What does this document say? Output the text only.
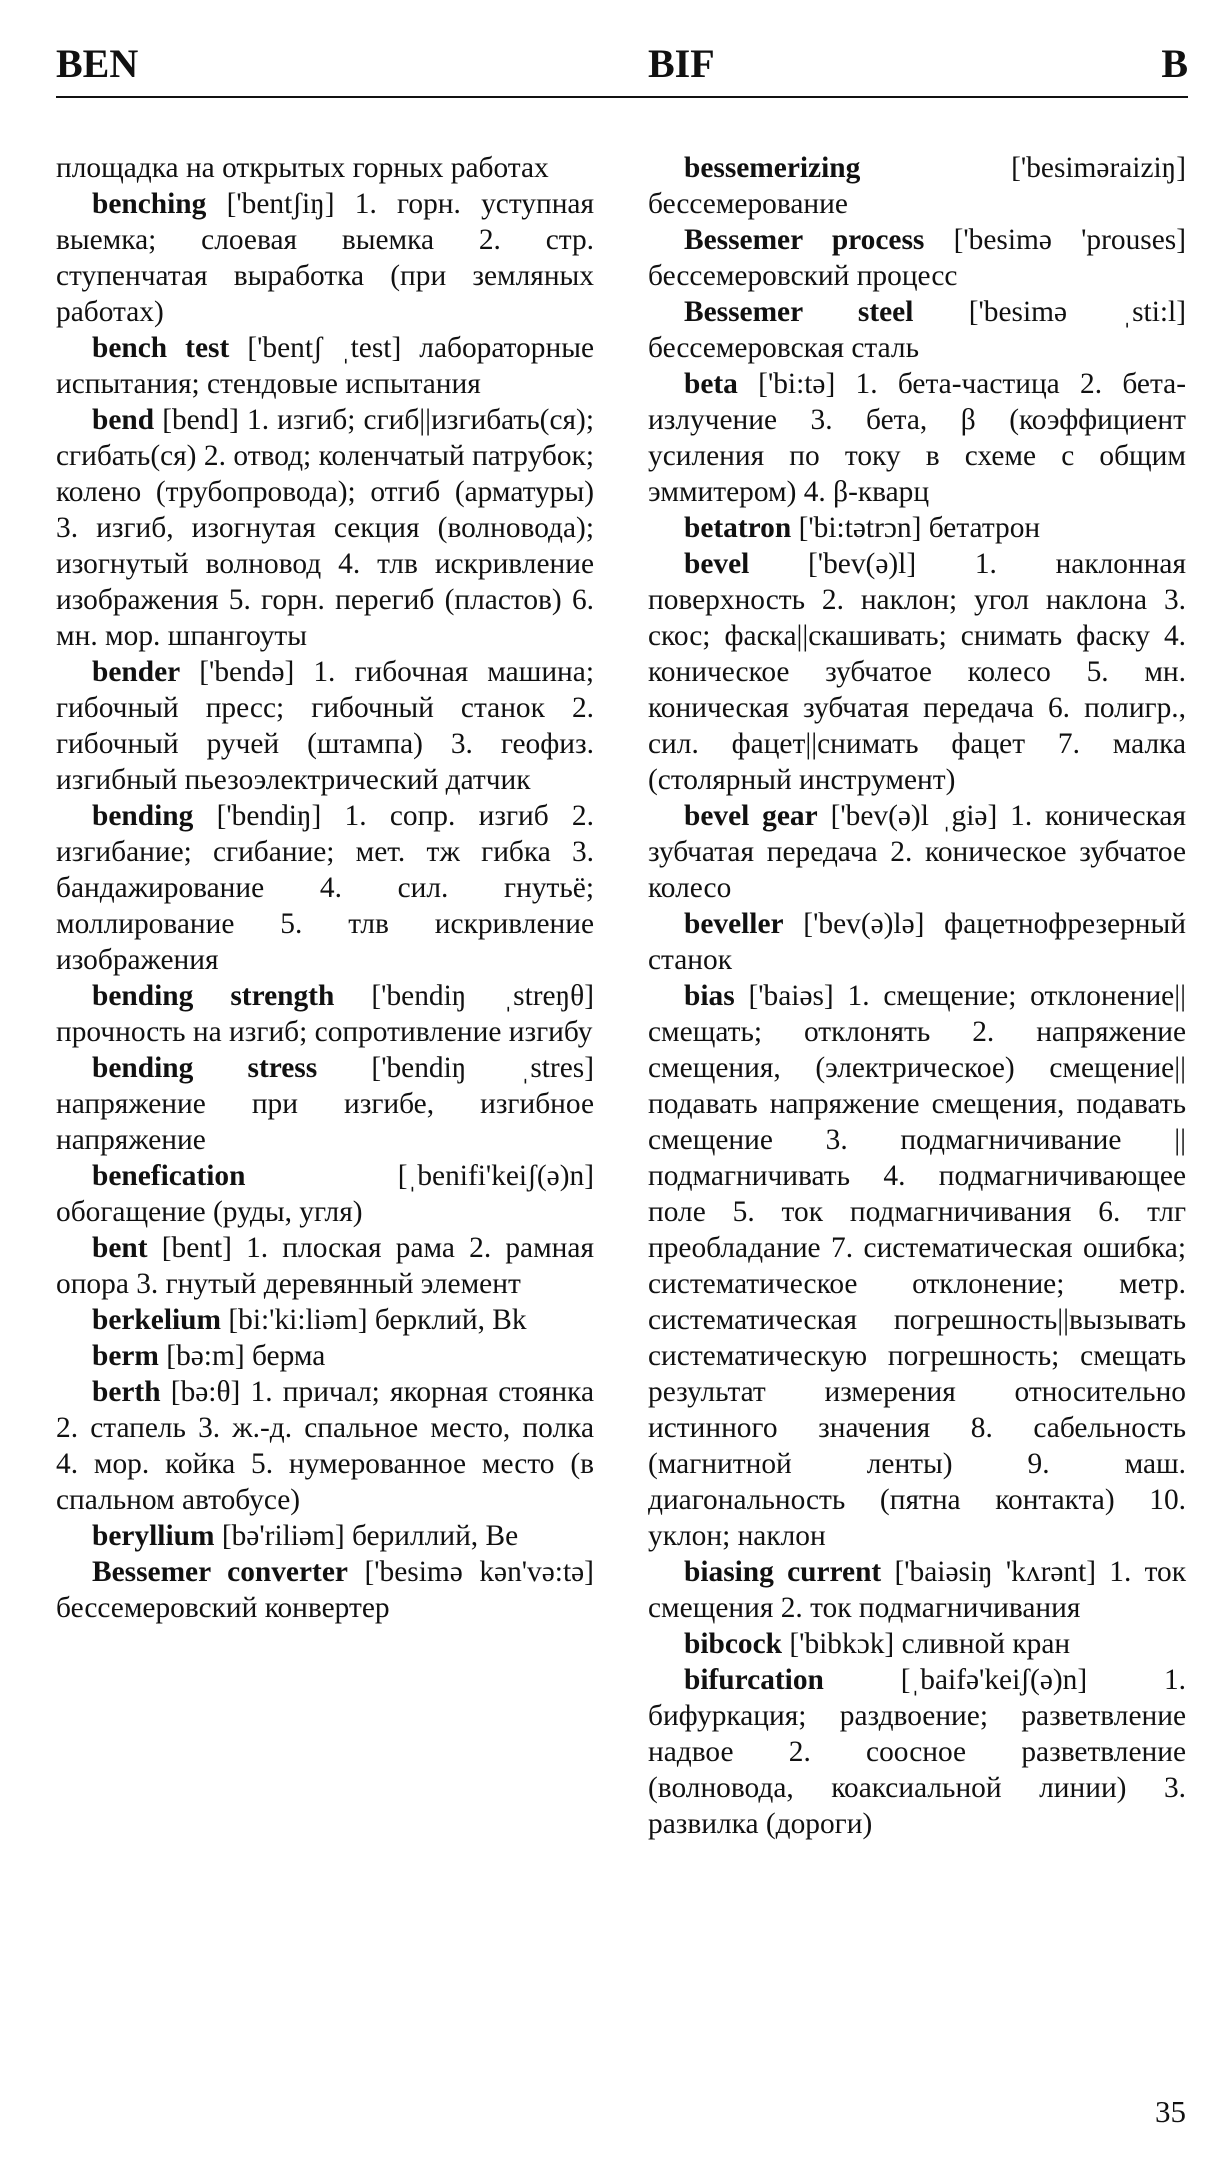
BEN	BIF	B

площадка на открытых горных работах

benching ['bentʃiŋ] 1. горн. уступная выемка; слоевая выемка 2. стр. ступенчатая выработка (при земляных работах)

bench test ['bentʃ ˌtest] лабораторные испытания; стендовые испытания

bend [bend] 1. изгиб; сгиб||изгибать(ся); сгибать(ся) 2. отвод; коленчатый патрубок; колено (трубопровода); отгиб (арматуры) 3. изгиб, изогнутая секция (волновода); изогнутый волновод 4. тлв искривление изображения 5. горн. перегиб (пластов) 6. мн. мор. шпангоуты

bender ['bendə] 1. гибочная машина; гибочный пресс; гибочный станок 2. гибочный ручей (штампа) 3. геофиз. изгибный пьезоэлектрический датчик

bending ['bendiŋ] 1. сопр. изгиб 2. изгибание; сгибание; мет. тж гибка 3. бандажирование 4. сил. гнутьё; моллирование 5. тлв искривление изображения

bending strength ['bendiŋ ˌstreŋθ] прочность на изгиб; сопротивление изгибу

bending stress ['bendiŋ ˌstres] напряжение при изгибе, изгибное напряжение

benefication	[ˌbenifi'keiʃ(ə)n] обогащение (руды, угля)

bent [bent] 1. плоская рама 2. рамная опора 3. гнутый деревянный элемент

berkelium [bi:'ki:liəm] берклий, Bk

berm [bə:m] берма

berth [bə:θ] 1. причал; якорная стоянка 2. стапель 3. ж.-д. спальное место, полка 4. мор. койка 5. нумерованное место (в спальном автобусе)

beryllium [bə'riliəm] бериллий, Be

Bessemer converter ['besimə kən'və:tə] бессемеровский конвертер

bessemerizing	['besimərаiziŋ] бессемерование

Bessemer process ['besimə 'prouses] бессемеровский процесс

Bessemer steel ['besimə ˌsti:l] бессемеровская сталь

beta ['bi:tə] 1. бета-частица 2. бета-излучение 3. бета, β (коэффициент усиления по току в схеме с общим эммитером) 4. β-кварц

betatron ['bi:tətrɔn] бетатрон

bevel ['bev(ə)l] 1. наклонная поверхность 2. наклон; угол наклона 3. скос; фаска||скашивать; снимать фаску 4. коническое зубчатое колесо 5. мн. коническая зубчатая передача 6. полигр., сил. фацет||снимать фацет 7. малка (столярный инструмент)

bevel gear ['bev(ə)l ˌgiə] 1. коническая зубчатая передача 2. коническое зубчатое колесо

beveller ['bev(ə)lə] фацетнофрезерный станок

bias ['baiəs] 1. смещение; отклонение||смещать; отклонять 2. напряжение смещения, (электрическое) смещение||подавать напряжение смещения, подавать смещение 3. подмагничивание ||подмагничивать 4. подмагничивающее поле 5. ток подмагничивания 6. тлг преобладание 7. систематическая ошибка; систематическое отклонение; метр. систематическая погрешность||вызывать систематическую погрешность; смещать результат измерения относительно истинного значения 8. сабельность (магнитной ленты) 9. маш. диагональность (пятна контакта) 10. уклон; наклон

biasing current ['baiəsiŋ 'kʌrənt] 1. ток смещения 2. ток подмагничивания

bibcock ['bibkɔk] сливной кран

bifurcation	[ˌbaifə'keiʃ(ə)n] 1. бифуркация; раздвоение; разветвление надвое 2. соосное разветвление (волновода, коаксиальной линии) 3. развилка (дороги)

35
